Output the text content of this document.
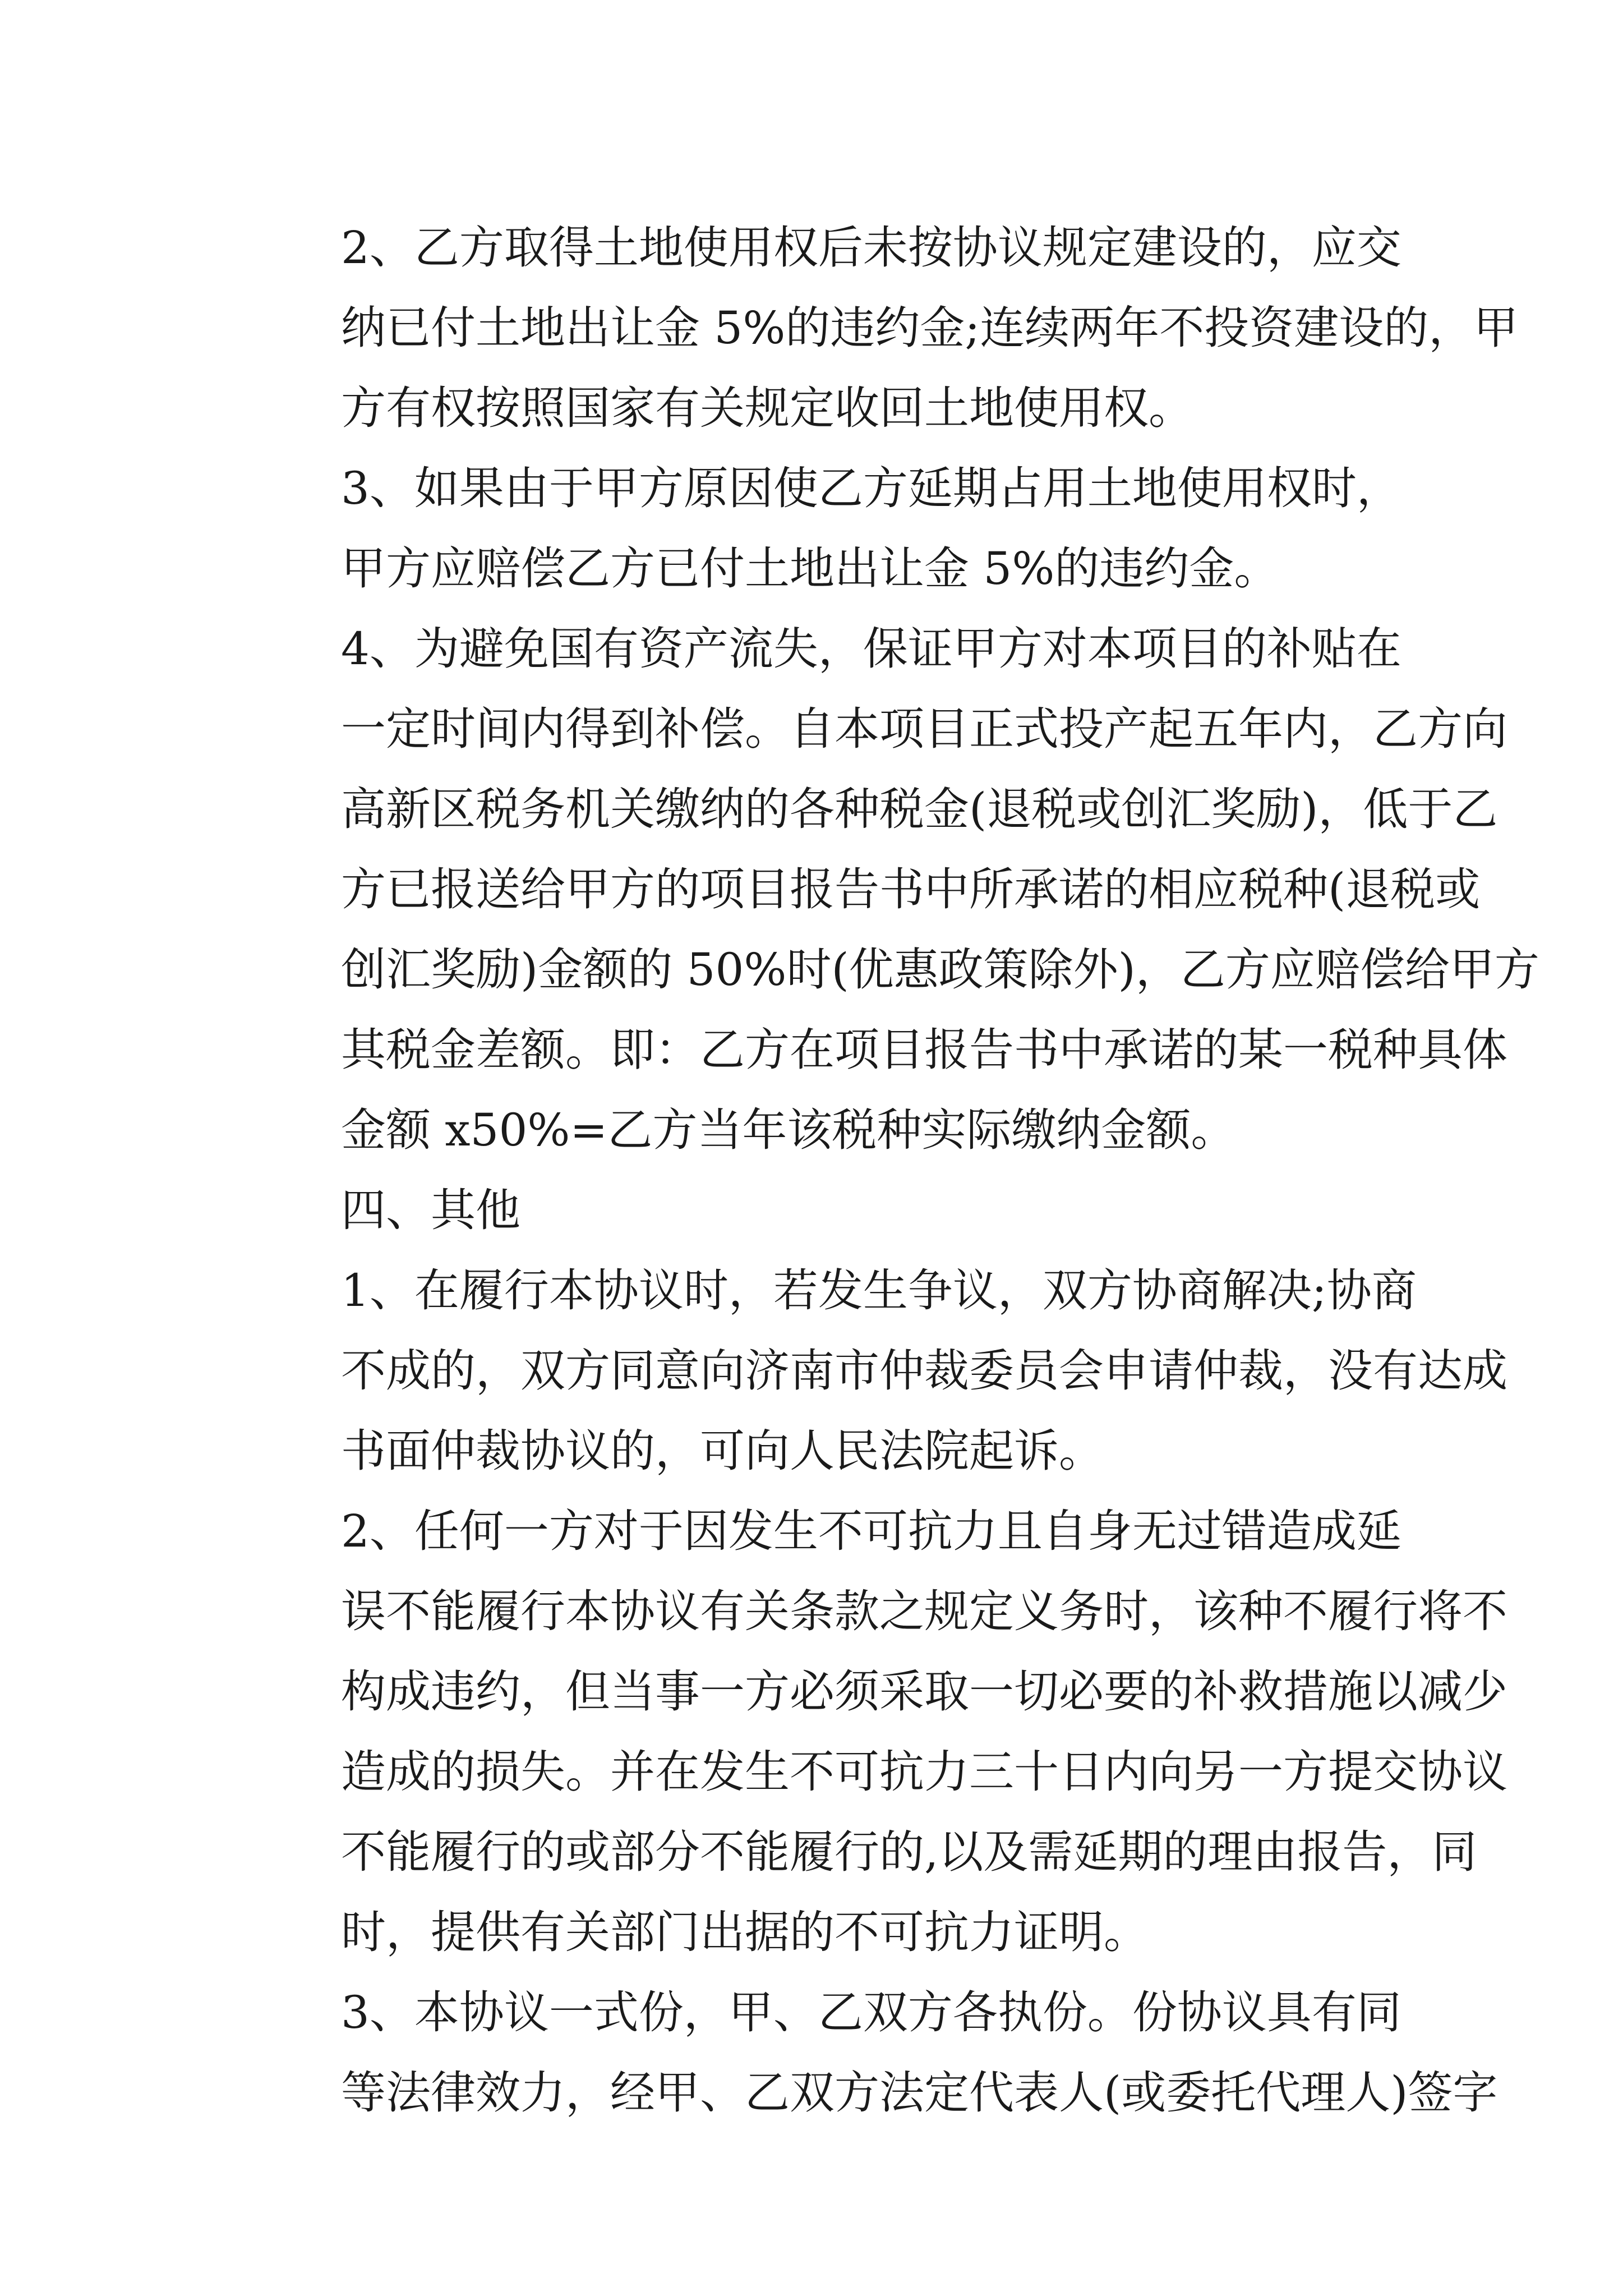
2、乙方取得土地使用权后未按协议规定建设的，应交
纳已付土地出让金 5%的违约金;连续两年不投资建设的，甲
方有权按照国家有关规定收回土地使用权。
3、如果由于甲方原因使乙方延期占用土地使用权时，
甲方应赔偿乙方已付土地出让金 5%的违约金。
4、为避免国有资产流失，保证甲方对本项目的补贴在
一定时间内得到补偿。自本项目正式投产起五年内，乙方向
高新区税务机关缴纳的各种税金(退税或创汇奖励)，低于乙
方已报送给甲方的项目报告书中所承诺的相应税种(退税或
创汇奖励)金额的 50%时(优惠政策除外)，乙方应赔偿给甲方
其税金差额。即：乙方在项目报告书中承诺的某一税种具体
金额 x50%=乙方当年该税种实际缴纳金额。
四、其他
1、在履行本协议时，若发生争议，双方协商解决;协商
不成的，双方同意向济南市仲裁委员会申请仲裁，没有达成
书面仲裁协议的，可向人民法院起诉。
2、任何一方对于因发生不可抗力且自身无过错造成延
误不能履行本协议有关条款之规定义务时，该种不履行将不
构成违约，但当事一方必须采取一切必要的补救措施以减少
造成的损失。并在发生不可抗力三十日内向另一方提交协议
不能履行的或部分不能履行的,以及需延期的理由报告，同
时，提供有关部门出据的不可抗力证明。
3、本协议一式份，甲、乙双方各执份。份协议具有同
等法律效力，经甲、乙双方法定代表人(或委托代理人)签字
